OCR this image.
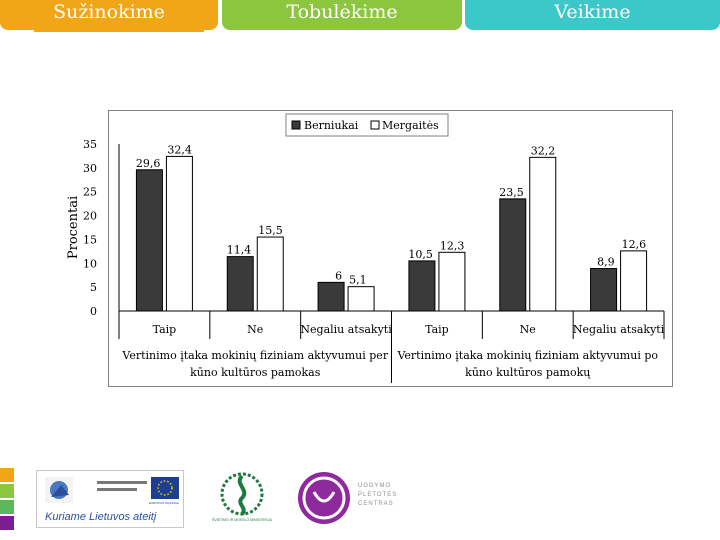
Sužinokime	Tobulėkime	Veikime
0
5
10
15
20
25
30
35
Procentai
Berniukai Mergaitės
29,6
32,4
Taip
11,4
15,5
Ne
6 5,1
Negaliu atsakyti
10,5
12,3
Taip
23,5
32,2
Ne
8,9
12,6
Negaliu atsakyti
Vertinimo įtaka mokinių fiziniam aktyvumui per kūno kultūros pamokas
Vertinimo įtaka mokinių fiziniam aktyvumui po kūno kultūros pamokų
EUROPOS SĄJUNGA
Kuriame Lietuvos ateitį	ŠVIETIMO IR MOKSLO MINISTERIJA
UGDYMO
PLĖTOTĖS
CENTRAS
